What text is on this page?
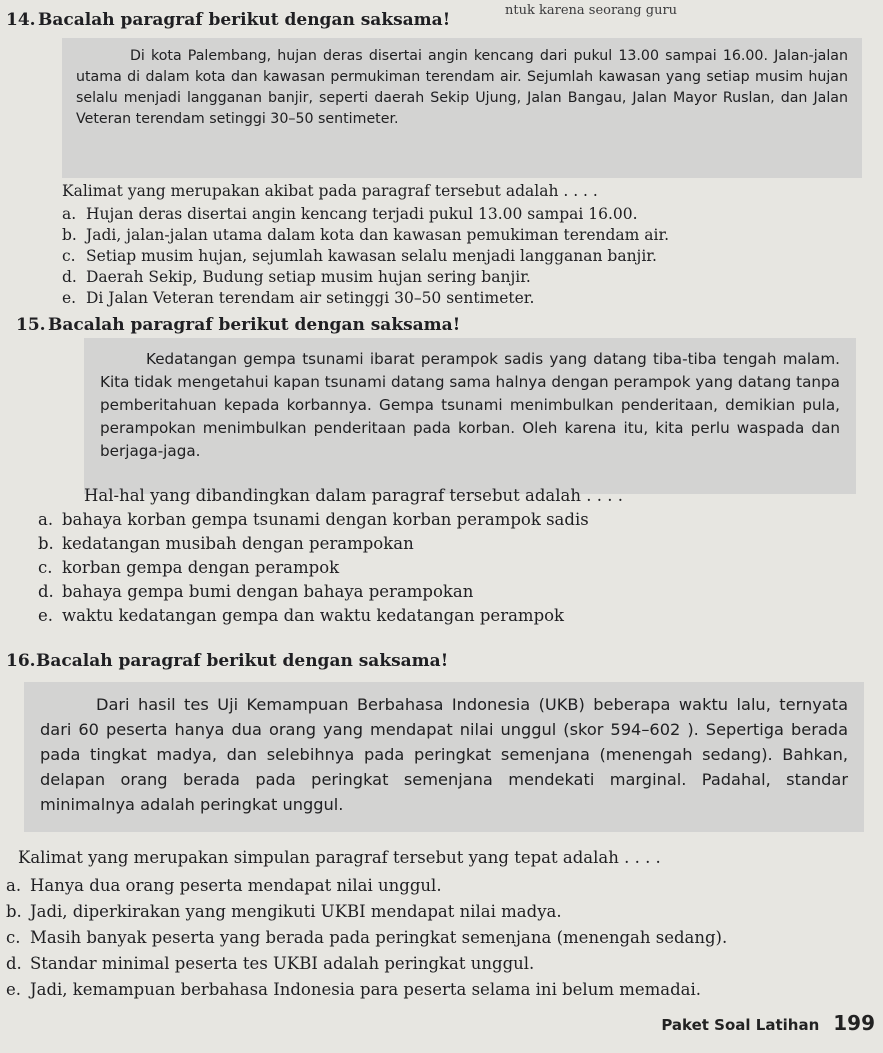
ntuk karena seorang guru
14. Bacalah paragraf berikut dengan saksama!

Di kota Palembang, hujan deras disertai angin kencang dari pukul 13.00 sampai 16.00. Jalan-jalan utama di dalam kota dan kawasan permukiman terendam air. Sejumlah kawasan yang setiap musim hujan selalu menjadi langganan banjir, seperti daerah Sekip Ujung, Jalan Bangau, Jalan Mayor Ruslan, dan Jalan Veteran terendam setinggi 30–50 sentimeter.

Kalimat yang merupakan akibat pada paragraf tersebut adalah . . . .
a. Hujan deras disertai angin kencang terjadi pukul 13.00 sampai 16.00.
b. Jadi, jalan-jalan utama dalam kota dan kawasan pemukiman terendam air.
c. Setiap musim hujan, sejumlah kawasan selalu menjadi langganan banjir.
d. Daerah Sekip, Budung setiap musim hujan sering banjir.
e. Di Jalan Veteran terendam air setinggi 30–50 sentimeter.
15. Bacalah paragraf berikut dengan saksama!

Kedatangan gempa tsunami ibarat perampok sadis yang datang tiba-tiba tengah malam. Kita tidak mengetahui kapan tsunami datang sama halnya dengan perampok yang datang tanpa pemberitahuan kepada korbannya. Gempa tsunami menimbulkan penderitaan, demikian pula, perampokan menimbulkan penderitaan pada korban. Oleh karena itu, kita perlu waspada dan berjaga-jaga.

Hal-hal yang dibandingkan dalam paragraf tersebut adalah . . . .
a. bahaya korban gempa tsunami dengan korban perampok sadis
b. kedatangan musibah dengan perampokan
c. korban gempa dengan perampok
d. bahaya gempa bumi dengan bahaya perampokan
e. waktu kedatangan gempa dan waktu kedatangan perampok
16. Bacalah paragraf berikut dengan saksama!

Dari hasil tes Uji Kemampuan Berbahasa Indonesia (UKB) beberapa waktu lalu, ternyata dari 60 peserta hanya dua orang yang mendapat nilai unggul (skor 594–602 ). Sepertiga berada pada tingkat madya, dan selebihnya pada peringkat semenjana (menengah sedang). Bahkan, delapan orang berada pada peringkat semenjana mendekati marginal. Padahal, standar minimalnya adalah peringkat unggul.

Kalimat yang merupakan simpulan paragraf tersebut yang tepat adalah . . . .
a. Hanya dua orang peserta mendapat nilai unggul.
b. Jadi, diperkirakan yang mengikuti UKBI mendapat nilai madya.
c. Masih banyak peserta yang berada pada peringkat semenjana (menengah sedang).
d. Standar minimal peserta tes UKBI adalah peringkat unggul.
e. Jadi, kemampuan berbahasa Indonesia para peserta selama ini belum memadai.
Paket Soal Latihan 199
